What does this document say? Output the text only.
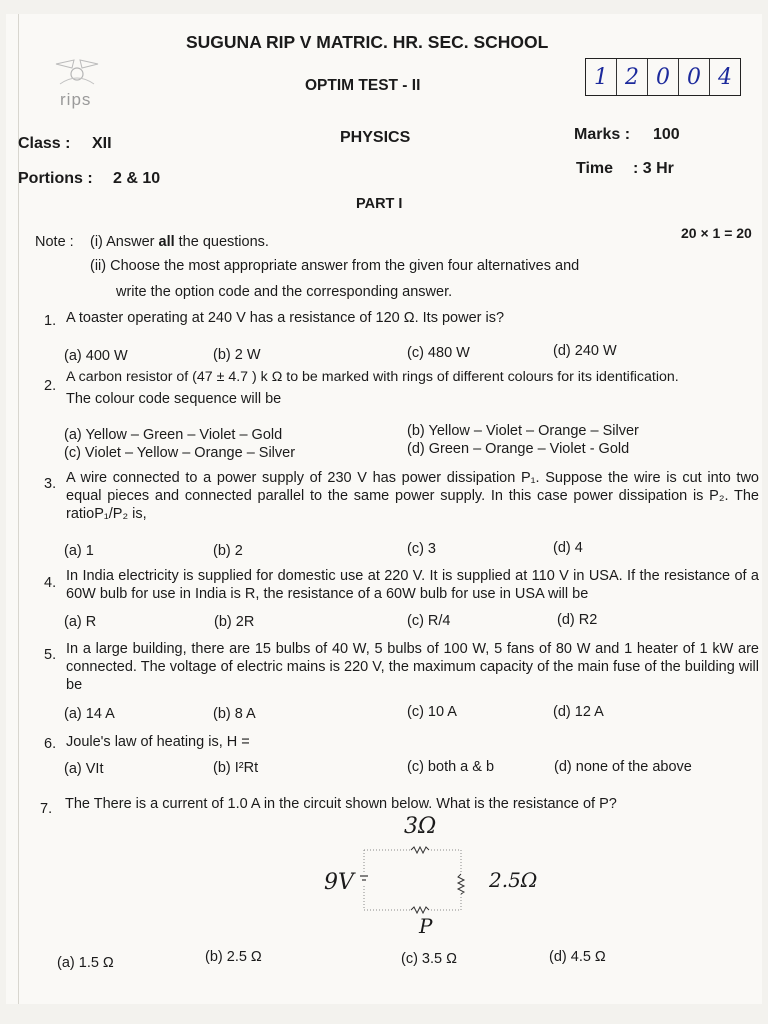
rips
SUGUNA RIP V MATRIC. HR. SEC. SCHOOL
OPTIM TEST - II	1 2 0 0 4
Class : XII	PHYSICS	Marks : 100
Portions : 2 & 10
Time : 3 Hr
PART I
Note : (i) Answer all the questions.
(ii) Choose the most appropriate answer from the given four alternatives and
write the option code and the corresponding answer.
20 × 1 = 20
1. A toaster operating at 240 V has a resistance of 120 Ω. Its power is?
(a) 400 W	(b) 2 W	(c) 480 W	(d) 240 W
2.
A carbon resistor of (47 ± 4.7 ) k Ω to be marked with rings of different colours for its identification.
The colour code sequence will be
(a) Yellow – Green – Violet – Gold	(b) Yellow – Violet – Orange – Silver
(c) Violet – Yellow – Orange – Silver	(d) Green – Orange – Violet - Gold
3. A wire connected to a power supply of 230 V has power dissipation P₁. Suppose the wire is cut into two equal pieces and connected parallel to the same power supply. In this case power dissipation is P₂. The ratioP₁/P₂ is,
(a) 1	(b) 2	(c) 3	(d) 4
4. In India electricity is supplied for domestic use at 220 V. It is supplied at 110 V in USA. If the resistance of a 60W bulb for use in India is R, the resistance of a 60W bulb for use in USA will be
(a) R	(b) 2R	(c) R/4	(d) R2
5. In a large building, there are 15 bulbs of 40 W, 5 bulbs of 100 W, 5 fans of 80 W and 1 heater of 1 kW are connected. The voltage of electric mains is 220 V, the maximum capacity of the main fuse of the building will be
(a) 14 A	(b) 8 A	(c) 10 A	(d) 12 A
6. Joule's law of heating is, H =
(a) VIt	(b) I²Rt	(c) both a & b	(d) none of the above
7. The There is a current of 1.0 A in the circuit shown below. What is the resistance of P?
3Ω
9V	2.5Ω
P
(a) 1.5 Ω	(b) 2.5 Ω	(c) 3.5 Ω	(d) 4.5 Ω
